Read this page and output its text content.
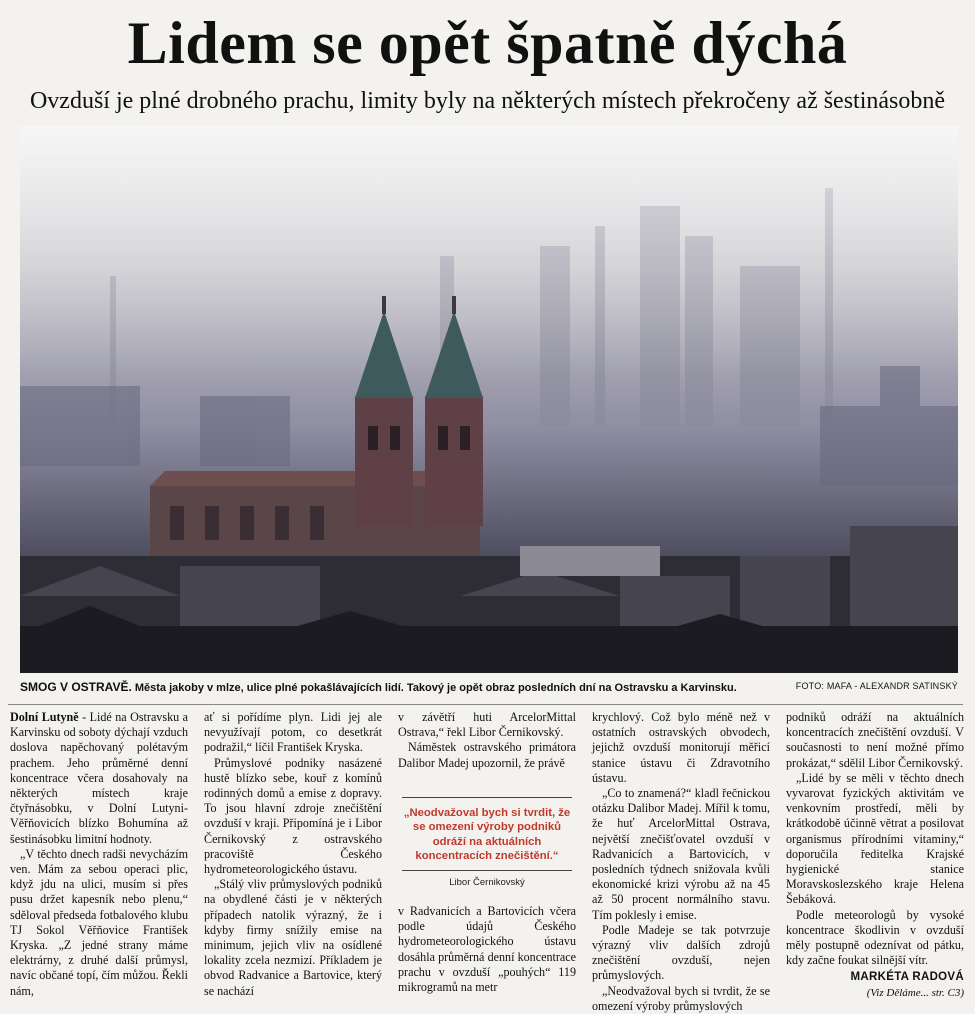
Lidem se opět špatně dýchá
Ovzduší je plné drobného prachu, limity byly na některých místech překročeny až šestinásobně
SMOG V OSTRAVĚ. Města jakoby v mlze, ulice plné pokašlávajících lidí. Takový je opět obraz posledních dní na Ostravsku a Karvinsku.	FOTO: MAFA - ALEXANDR SATINSKÝ

Dolní Lutyně - Lidé na Ostravsku a Karvinsku od soboty dýchají vzduch doslova napěchovaný polétavým prachem. Jeho průměrné denní koncentrace včera dosahovaly na některých místech kraje čtyřnásobku, v Dolní Lutyni-Věřňovicích blízko Bohumína až šestinásobku limitní hodnoty.

„V těchto dnech radši nevycházím ven. Mám za sebou operaci plic, když jdu na ulici, musím si přes pusu držet kapesník nebo plenu,“ sděloval předseda fotbalového klubu TJ Sokol Věřňovice František Kryska. „Z jedné strany máme elektrárny, z druhé další průmysl, navíc občané topí, čím můžou. Řekli nám,

ať si pořídíme plyn. Lidi jej ale nevyužívají potom, co desetkrát podražil,“ líčil František Kryska.

Průmyslové podniky nasázené hustě blízko sebe, kouř z komínů rodinných domů a emise z dopravy. To jsou hlavní zdroje znečištění ovzduší v kraji. Připomíná je i Libor Černikovský z ostravského pracoviště Českého hydrometeorologického ústavu.

„Stálý vliv průmyslových podniků na obydlené části je v některých případech natolik výrazný, že i kdyby firmy snížily emise na minimum, jejich vliv na osídlené lokality zcela nezmizí. Příkladem je obvod Radvanice a Bartovice, který se nachází

v závětří huti ArcelorMittal Ostrava,“ řekl Libor Černikovský.

Náměstek ostravského primátora Dalibor Madej upozornil, že právě

„Neodvažoval bych si tvrdit, že se omezení výroby podniků odráží na aktuálních koncentracích znečištění.“
Libor Černikovský

v Radvanicích a Bartovicích včera podle údajů Českého hydrometeorologického ústavu dosáhla průměrná denní koncentrace prachu v ovzduší „pouhých“ 119 mikrogramů na metr

krychlový. Což bylo méně než v ostatních ostravských obvodech, jejichž ovzduší monitorují měřicí stanice ústavu či Zdravotního ústavu.

„Co to znamená?“ kladl řečnickou otázku Dalibor Madej. Mířil k tomu, že huť ArcelorMittal Ostrava, největší znečišťovatel ovzduší v Radvanicích a Bartovicích, v posledních týdnech snižovala kvůli ekonomické krizi výrobu až na 45 až 50 procent normálního stavu. Tím poklesly i emise.

Podle Madeje se tak potvrzuje výrazný vliv dalších zdrojů znečištění ovzduší, nejen průmyslových.

„Neodvažoval bych si tvrdit, že se omezení výroby průmyslových

podniků odráží na aktuálních koncentracích znečištění ovzduší. V současnosti to není možné přímo prokázat,“ sdělil Libor Černikovský.

„Lidé by se měli v těchto dnech vyvarovat fyzických aktivitám ve venkovním prostředí, měli by krátkodobě účinně větrat a posilovat organismus přírodními vitaminy,“ doporučila ředitelka Krajské hygienické stanice Moravskoslezského kraje Helena Šebáková.

Podle meteorologů by vysoké koncentrace škodlivin v ovzduší měly postupně odeznívat od pátku, kdy začne foukat silnější vítr.

MARKÉTA RADOVÁ
(Viz Děláme... str. C3)
